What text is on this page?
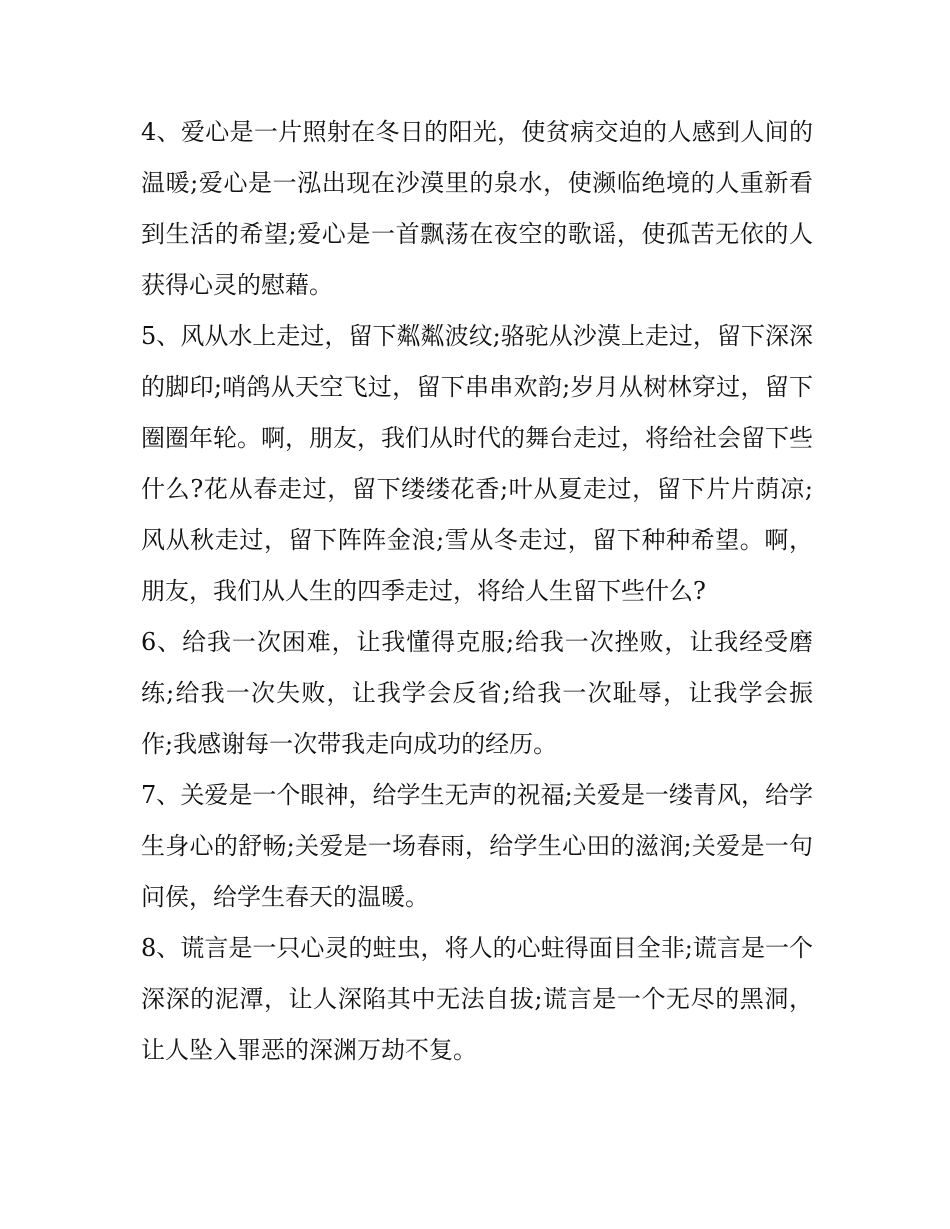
4、爱心是一片照射在冬日的阳光，使贫病交迫的人感到人间的温暖;爱心是一泓出现在沙漠里的泉水，使濒临绝境的人重新看到生活的希望;爱心是一首飘荡在夜空的歌谣，使孤苦无依的人获得心灵的慰藉。

5、风从水上走过，留下粼粼波纹;骆驼从沙漠上走过，留下深深的脚印;哨鸽从天空飞过，留下串串欢韵;岁月从树林穿过，留下圈圈年轮。啊，朋友，我们从时代的舞台走过，将给社会留下些什么?花从春走过，留下缕缕花香;叶从夏走过，留下片片荫凉;风从秋走过，留下阵阵金浪;雪从冬走过，留下种种希望。啊，朋友，我们从人生的四季走过，将给人生留下些什么?

6、给我一次困难，让我懂得克服;给我一次挫败，让我经受磨练;给我一次失败，让我学会反省;给我一次耻辱，让我学会振作;我感谢每一次带我走向成功的经历。

7、关爱是一个眼神，给学生无声的祝福;关爱是一缕青风，给学生身心的舒畅;关爱是一场春雨，给学生心田的滋润;关爱是一句问侯，给学生春天的温暖。

8、谎言是一只心灵的蛀虫，将人的心蛀得面目全非;谎言是一个深深的泥潭，让人深陷其中无法自拔;谎言是一个无尽的黑洞，让人坠入罪恶的深渊万劫不复。
